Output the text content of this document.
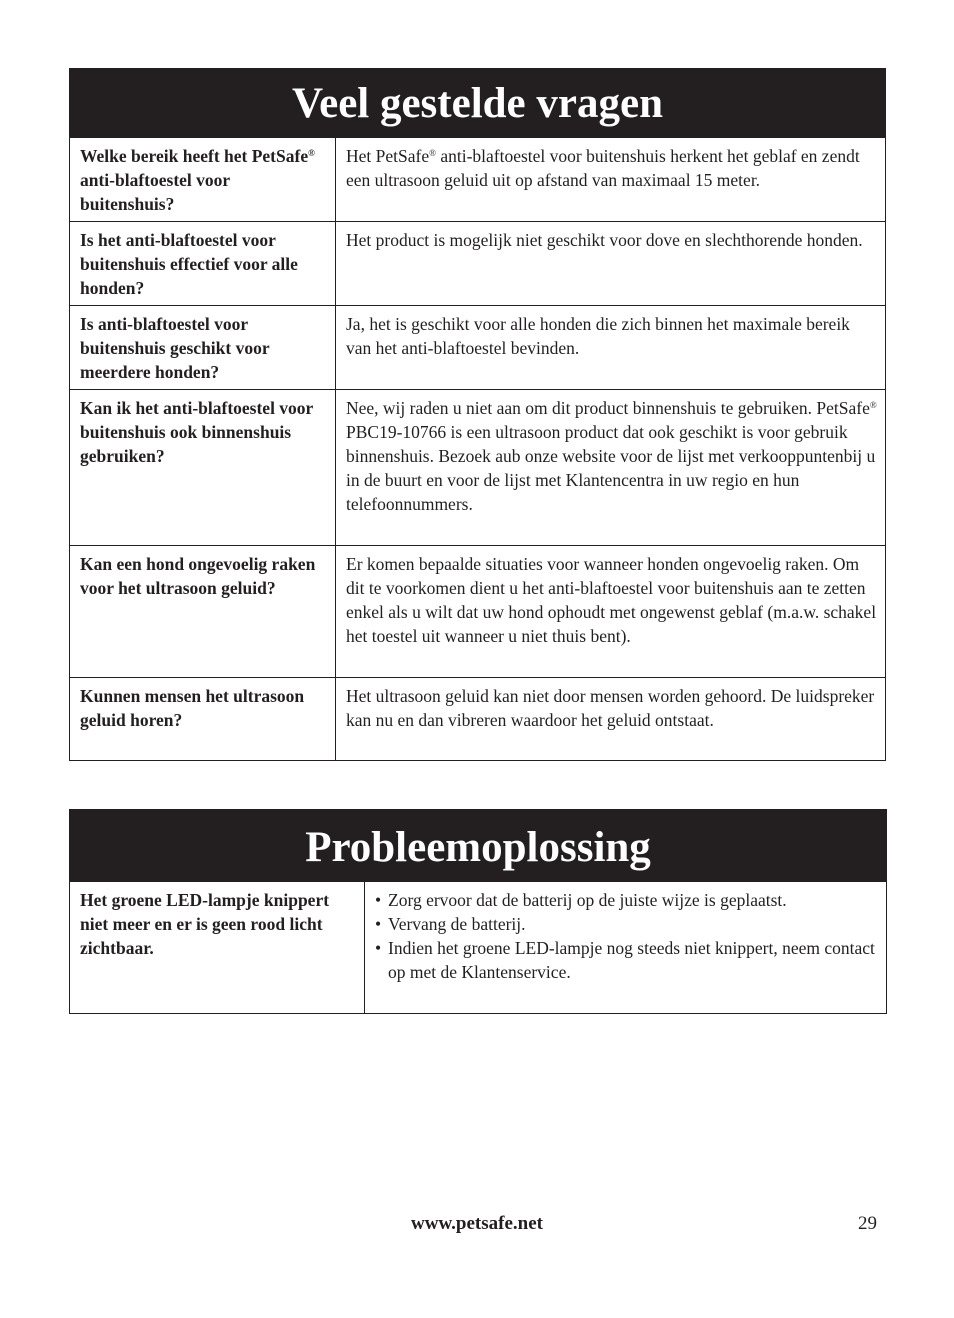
Veel gestelde vragen
Welke bereik heeft het PetSafe® anti-blaftoestel voor buitenshuis?
Het PetSafe® anti-blaftoestel voor buitenshuis herkent het geblaf en zendt een ultrasoon geluid uit op afstand van maximaal 15 meter.
Is het anti-blaftoestel voor buitenshuis effectief voor alle honden?
Het product is mogelijk niet geschikt voor dove en slechthorende honden.
Is anti-blaftoestel voor buitenshuis geschikt voor meerdere honden?
Ja, het is geschikt voor alle honden die zich binnen het maximale bereik van het anti-blaftoestel bevinden.
Kan ik het anti-blaftoestel voor buitenshuis ook binnenshuis gebruiken?
Nee, wij raden u niet aan om dit product binnenshuis te gebruiken. PetSafe® PBC19-10766 is een ultrasoon product dat ook geschikt is voor gebruik binnenshuis. Bezoek aub onze website voor de lijst met verkooppuntenbij u in de buurt en voor de lijst met Klantencentra in uw regio en hun telefoonnummers.
Kan een hond ongevoelig raken voor het ultrasoon geluid?
Er komen bepaalde situaties voor wanneer honden ongevoelig raken. Om dit te voorkomen dient u het anti-blaftoestel voor buitenshuis aan te zetten enkel als u wilt dat uw hond ophoudt met ongewenst geblaf (m.a.w. schakel het toestel uit wanneer u niet thuis bent).
Kunnen mensen het ultrasoon geluid horen?
Het ultrasoon geluid kan niet door mensen worden gehoord. De luidspreker kan nu en dan vibreren waardoor het geluid ontstaat.
Probleemoplossing
Het groene LED-lampje knippert niet meer en er is geen rood licht zichtbaar.
• Zorg ervoor dat de batterij op de juiste wijze is geplaatst.
• Vervang de batterij.
• Indien het groene LED-lampje nog steeds niet knippert, neem contact op met de Klantenservice.
www.petsafe.net	29
